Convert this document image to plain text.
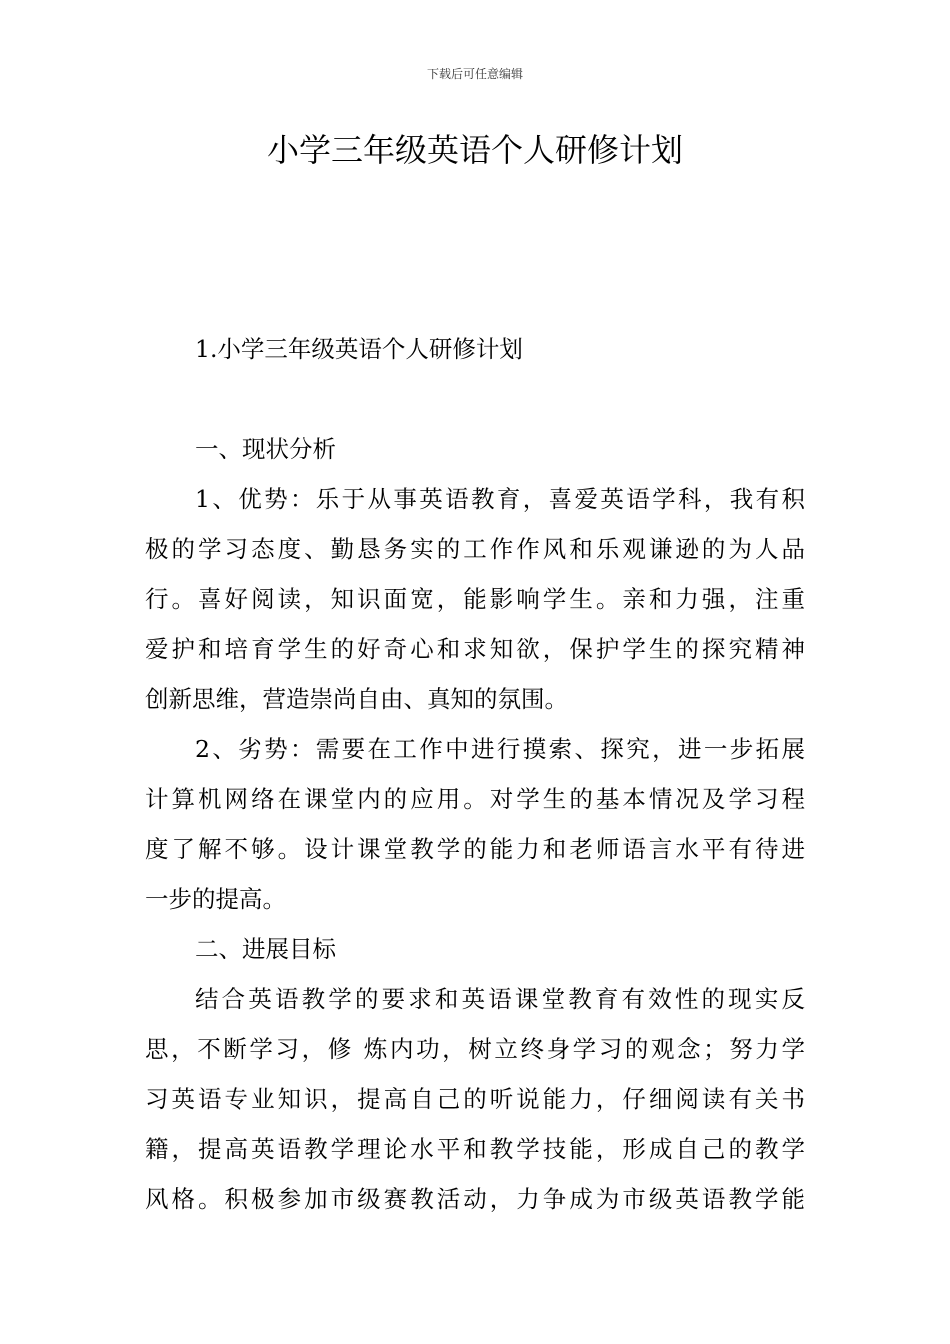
下载后可任意编辑
小学三年级英语个人研修计划
1.小学三年级英语个人研修计划
一、现状分析
1、优势：乐于从事英语教育，喜爱英语学科，我有积
极的学习态度、勤恳务实的工作作风和乐观谦逊的为人品
行。喜好阅读，知识面宽，能影响学生。亲和力强，注重
爱护和培育学生的好奇心和求知欲，保护学生的探究精神
创新思维，营造崇尚自由、真知的氛围。
2、劣势：需要在工作中进行摸索、探究，进一步拓展
计算机网络在课堂内的应用。对学生的基本情况及学习程
度了解不够。设计课堂教学的能力和老师语言水平有待进
一步的提高。
二、进展目标
结合英语教学的要求和英语课堂教育有效性的现实反
思，不断学习，修 炼内功，树立终身学习的观念；努力学
习英语专业知识，提高自己的听说能力，仔细阅读有关书
籍，提高英语教学理论水平和教学技能，形成自己的教学
风格。积极参加市级赛教活动，力争成为市级英语教学能
